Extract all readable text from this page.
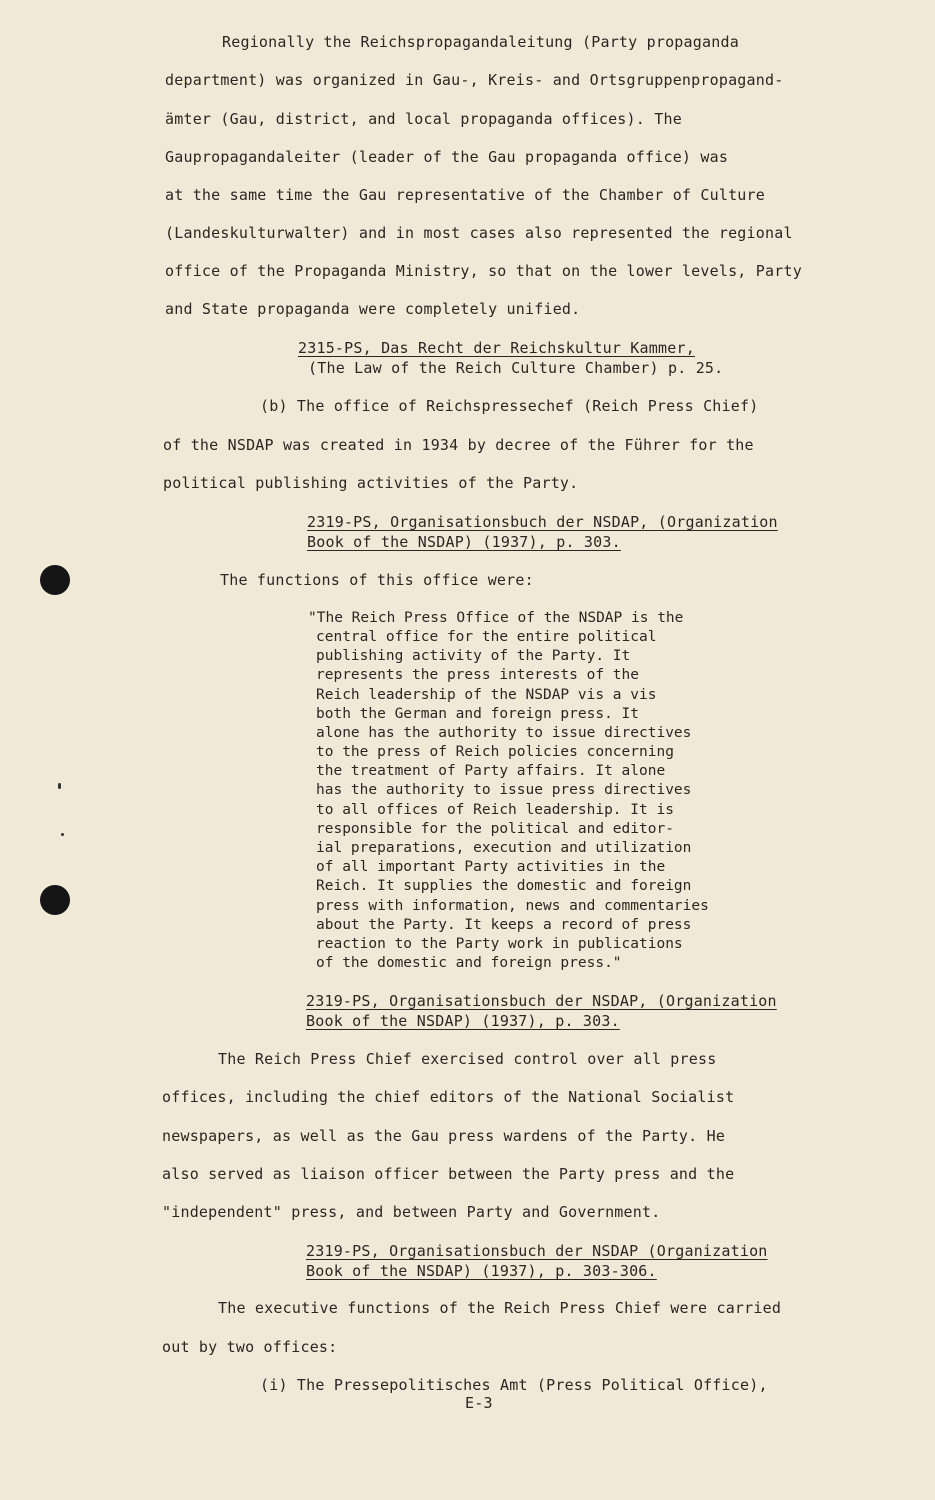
Regionally the Reichspropagandaleitung (Party propaganda
department) was organized in Gau-, Kreis- and Ortsgruppenpropagand-
ämter (Gau, district, and local propaganda offices). The
Gaupropagandaleiter (leader of the Gau propaganda office) was
at the same time the Gau representative of the Chamber of Culture
(Landeskulturwalter) and in most cases also represented the regional
office of the Propaganda Ministry, so that on the lower levels, Party
and State propaganda were completely unified.
2315-PS, Das Recht der Reichskultur Kammer,
(The Law of the Reich Culture Chamber) p. 25.
(b) The office of Reichspressechef (Reich Press Chief)
of the NSDAP was created in 1934 by decree of the Führer for the
political publishing activities of the Party.
2319-PS, Organisationsbuch der NSDAP, (Organization
Book of the NSDAP) (1937), p. 303.
The functions of this office were:
"The Reich Press Office of the NSDAP is the
central office for the entire political
publishing activity of the Party. It
represents the press interests of the
Reich leadership of the NSDAP vis a vis
both the German and foreign press. It
alone has the authority to issue directives
to the press of Reich policies concerning
the treatment of Party affairs. It alone
has the authority to issue press directives
to all offices of Reich leadership. It is
responsible for the political and editor-
ial preparations, execution and utilization
of all important Party activities in the
Reich. It supplies the domestic and foreign
press with information, news and commentaries
about the Party. It keeps a record of press
reaction to the Party work in publications
of the domestic and foreign press."
2319-PS, Organisationsbuch der NSDAP, (Organization
Book of the NSDAP) (1937), p. 303.
The Reich Press Chief exercised control over all press
offices, including the chief editors of the National Socialist
newspapers, as well as the Gau press wardens of the Party. He
also served as liaison officer between the Party press and the
"independent" press, and between Party and Government.
2319-PS, Organisationsbuch der NSDAP (Organization
Book of the NSDAP) (1937), p. 303-306.
The executive functions of the Reich Press Chief were carried
out by two offices:
(i) The Pressepolitisches Amt (Press Political Office),
E-3
